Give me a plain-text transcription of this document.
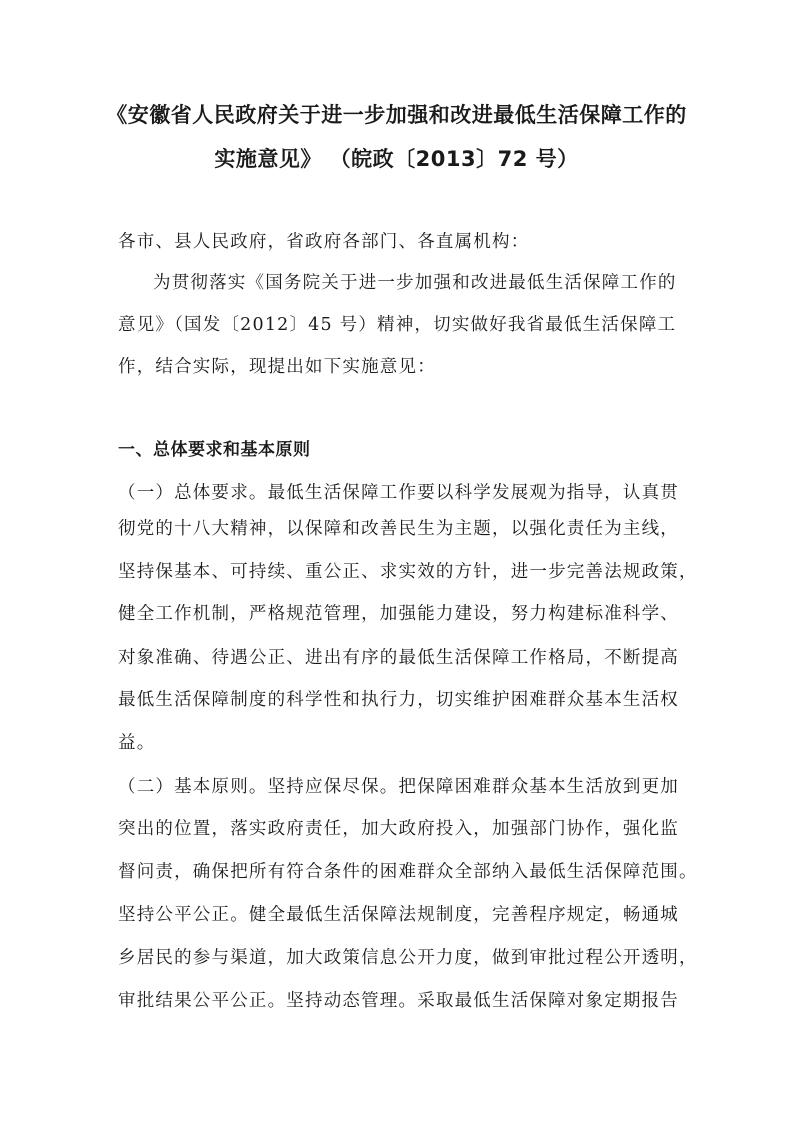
《安徽省人民政府关于进一步加强和改进最低生活保障工作的
实施意见》 （皖政〔2013〕72 号）
各市、县人民政府，省政府各部门、各直属机构：
为贯彻落实《国务院关于进一步加强和改进最低生活保障工作的
意见》（国发〔2012〕45 号）精神，切实做好我省最低生活保障工
作，结合实际，现提出如下实施意见：
一、总体要求和基本原则
（一）总体要求。最低生活保障工作要以科学发展观为指导，认真贯
彻党的十八大精神，以保障和改善民生为主题，以强化责任为主线，
坚持保基本、可持续、重公正、求实效的方针，进一步完善法规政策，
健全工作机制，严格规范管理，加强能力建设，努力构建标准科学、
对象准确、待遇公正、进出有序的最低生活保障工作格局，不断提高
最低生活保障制度的科学性和执行力，切实维护困难群众基本生活权
益。
（二）基本原则。坚持应保尽保。把保障困难群众基本生活放到更加
突出的位置，落实政府责任，加大政府投入，加强部门协作，强化监
督问责，确保把所有符合条件的困难群众全部纳入最低生活保障范围。
坚持公平公正。健全最低生活保障法规制度，完善程序规定，畅通城
乡居民的参与渠道，加大政策信息公开力度，做到审批过程公开透明，
审批结果公平公正。坚持动态管理。采取最低生活保障对象定期报告
